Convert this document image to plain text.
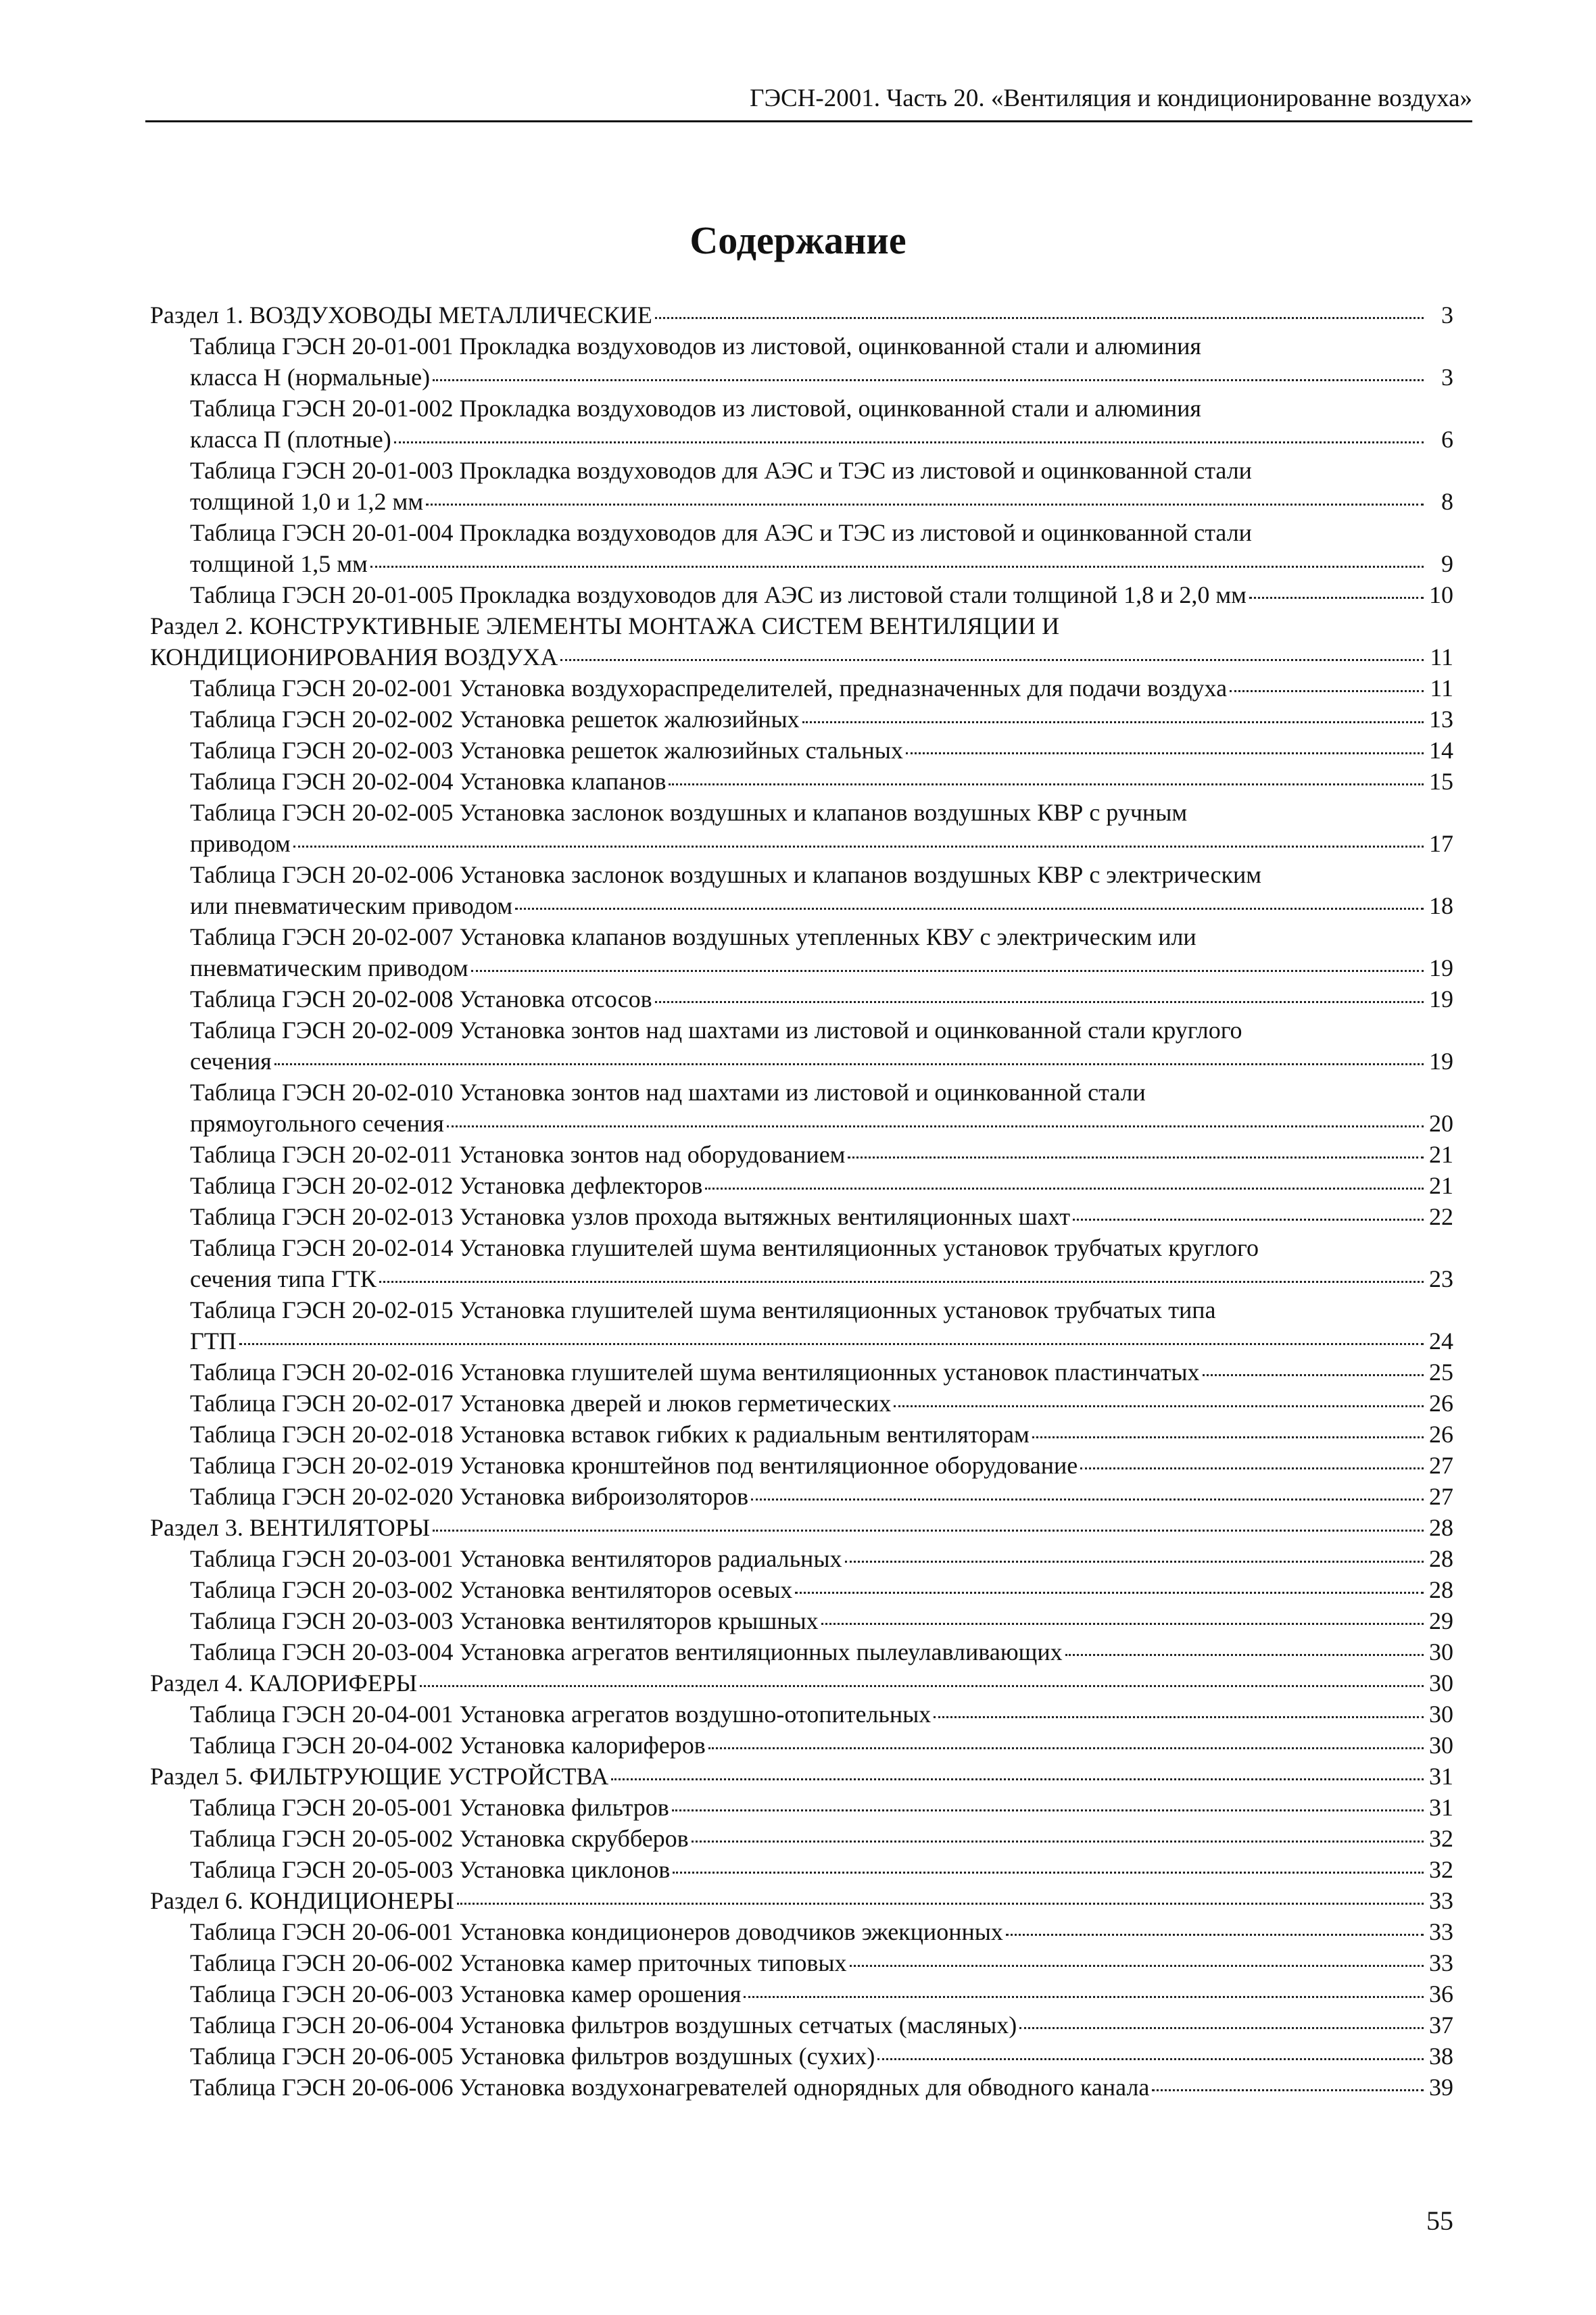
ГЭСН-2001. Часть 20. «Вентиляция и кондиционированне воздуха»
Содержание
Раздел 1. ВОЗДУХОВОДЫ МЕТАЛЛИЧЕСКИЕ	3
Таблица ГЭСН 20-01-001 Прокладка воздуховодов из листовой, оцинкованной стали и алюминия
класса Н (нормальные)	3
Таблица ГЭСН 20-01-002 Прокладка воздуховодов из листовой, оцинкованной стали и алюминия
класса П (плотные)	6
Таблица ГЭСН 20-01-003 Прокладка воздуховодов для АЭС и ТЭС из листовой и оцинкованной стали
толщиной 1,0 и 1,2 мм	8
Таблица ГЭСН 20-01-004 Прокладка воздуховодов для АЭС и ТЭС из листовой и оцинкованной стали
толщиной 1,5 мм	9
Таблица ГЭСН 20-01-005 Прокладка воздуховодов для АЭС из листовой стали толщиной 1,8 и 2,0 мм	10
Раздел 2. КОНСТРУКТИВНЫЕ ЭЛЕМЕНТЫ МОНТАЖА СИСТЕМ ВЕНТИЛЯЦИИ И
КОНДИЦИОНИРОВАНИЯ ВОЗДУХА	11
Таблица ГЭСН 20-02-001 Установка воздухораспределителей, предназначенных для подачи воздуха	11
Таблица ГЭСН 20-02-002 Установка решеток жалюзийных	13
Таблица ГЭСН 20-02-003 Установка решеток жалюзийных стальных	14
Таблица ГЭСН 20-02-004 Установка клапанов	15
Таблица ГЭСН 20-02-005 Установка заслонок воздушных и клапанов воздушных КВР с ручным
приводом	17
Таблица ГЭСН 20-02-006 Установка заслонок воздушных и клапанов воздушных КВР с электрическим
или пневматическим приводом	18
Таблица ГЭСН 20-02-007 Установка клапанов воздушных утепленных КВУ с электрическим или
пневматическим приводом	19
Таблица ГЭСН 20-02-008 Установка отсосов	19
Таблица ГЭСН 20-02-009 Установка зонтов над шахтами из листовой и оцинкованной стали круглого
сечения	19
Таблица ГЭСН 20-02-010 Установка зонтов над шахтами из листовой и оцинкованной стали
прямоугольного сечения	20
Таблица ГЭСН 20-02-011 Установка зонтов над оборудованием	21
Таблица ГЭСН 20-02-012 Установка дефлекторов	21
Таблица ГЭСН 20-02-013 Установка узлов прохода вытяжных вентиляционных шахт	22
Таблица ГЭСН 20-02-014 Установка глушителей шума вентиляционных установок трубчатых круглого
сечения типа ГТК	23
Таблица ГЭСН 20-02-015 Установка глушителей шума вентиляционных установок трубчатых типа
ГТП	24
Таблица ГЭСН 20-02-016 Установка глушителей шума вентиляционных установок пластинчатых	25
Таблица ГЭСН 20-02-017 Установка дверей и люков герметических	26
Таблица ГЭСН 20-02-018 Установка вставок гибких к радиальным вентиляторам	26
Таблица ГЭСН 20-02-019 Установка кронштейнов под вентиляционное оборудование	27
Таблица ГЭСН 20-02-020 Установка виброизоляторов	27
Раздел 3. ВЕНТИЛЯТОРЫ	28
Таблица ГЭСН 20-03-001 Установка вентиляторов радиальных	28
Таблица ГЭСН 20-03-002 Установка вентиляторов осевых	28
Таблица ГЭСН 20-03-003 Установка вентиляторов крышных	29
Таблица ГЭСН 20-03-004 Установка агрегатов вентиляционных пылеулавливающих	30
Раздел 4. КАЛОРИФЕРЫ	30
Таблица ГЭСН 20-04-001 Установка агрегатов воздушно-отопительных	30
Таблица ГЭСН 20-04-002 Установка калориферов	30
Раздел 5. ФИЛЬТРУЮЩИЕ УСТРОЙСТВА	31
Таблица ГЭСН 20-05-001 Установка фильтров	31
Таблица ГЭСН 20-05-002 Установка скрубберов	32
Таблица ГЭСН 20-05-003 Установка циклонов	32
Раздел 6. КОНДИЦИОНЕРЫ	33
Таблица ГЭСН 20-06-001 Установка кондиционеров доводчиков эжекционных	33
Таблица ГЭСН 20-06-002 Установка камер приточных типовых	33
Таблица ГЭСН 20-06-003 Установка камер орошения	36
Таблица ГЭСН 20-06-004 Установка фильтров воздушных сетчатых (масляных)	37
Таблица ГЭСН 20-06-005 Установка фильтров воздушных (сухих)	38
Таблица ГЭСН 20-06-006 Установка воздухонагревателей однорядных для обводного канала	39
55
